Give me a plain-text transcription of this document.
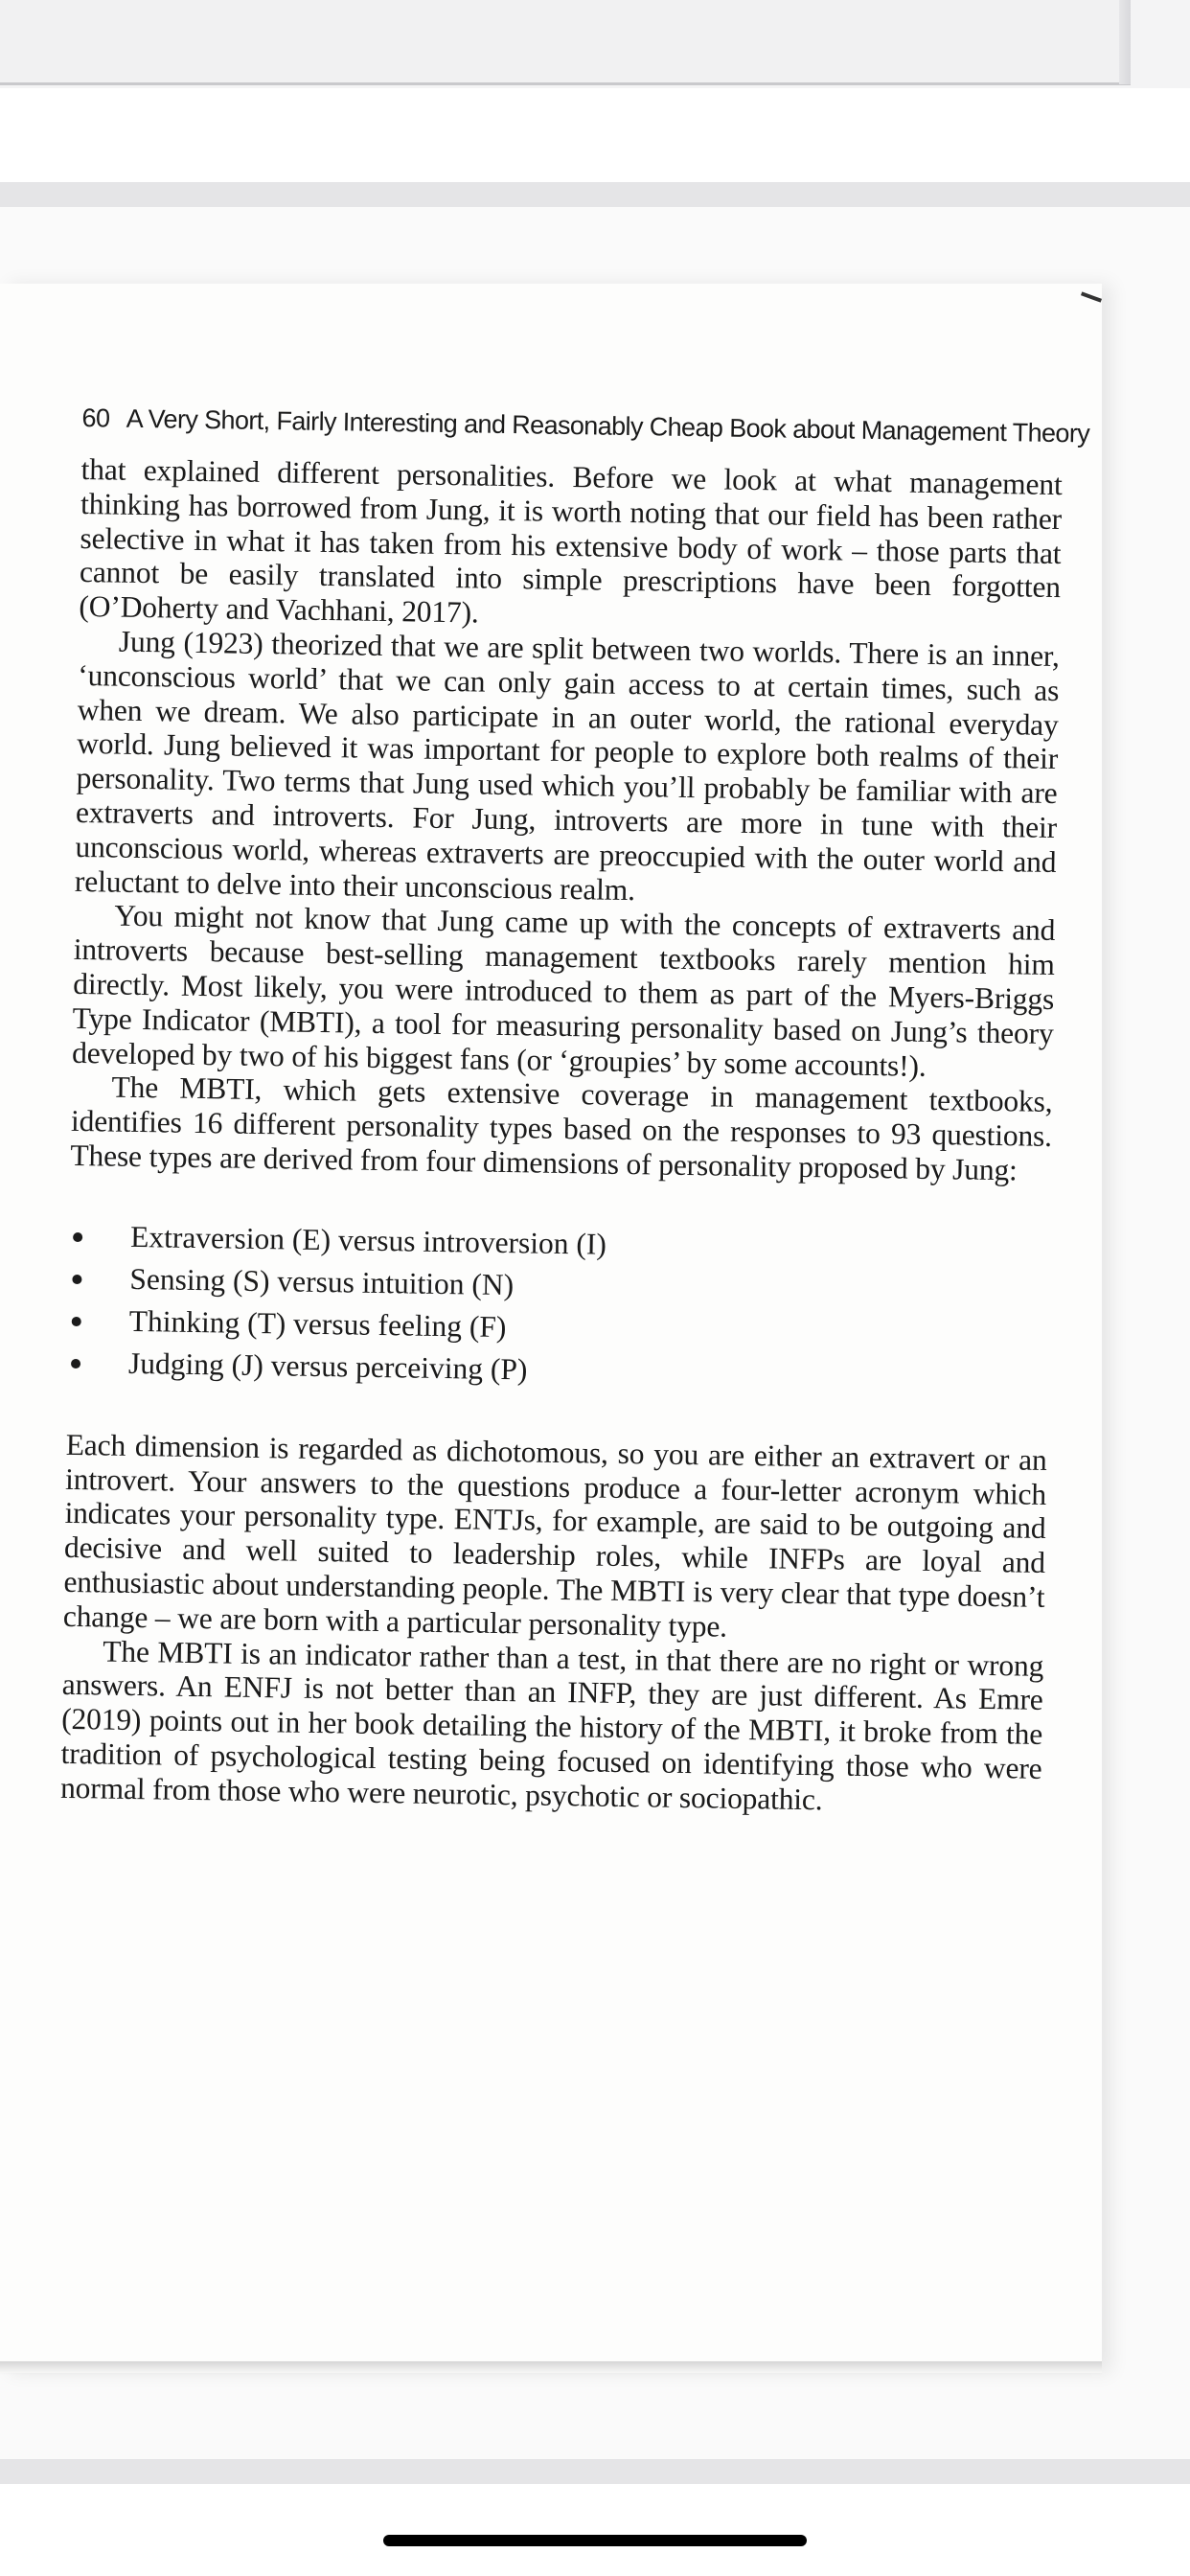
60 A Very Short, Fairly Interesting and Reasonably Cheap Book about Management Theory

that explained different personalities. Before we look at what management thinking has borrowed from Jung, it is worth noting that our field has been rather selective in what it has taken from his extensive body of work – those parts that cannot be easily translated into simple prescriptions have been forgotten (O’Doherty and Vachhani, 2017).

Jung (1923) theorized that we are split between two worlds. There is an inner, ‘unconscious world’ that we can only gain access to at certain times, such as when we dream. We also participate in an outer world, the rational everyday world. Jung believed it was important for people to explore both realms of their personality. Two terms that Jung used which you’ll probably be familiar with are extraverts and introverts. For Jung, introverts are more in tune with their unconscious world, whereas extraverts are preoccupied with the outer world and reluctant to delve into their unconscious realm.

You might not know that Jung came up with the concepts of extraverts and introverts because best-selling management textbooks rarely mention him directly. Most likely, you were introduced to them as part of the Myers-Briggs Type Indicator (MBTI), a tool for measuring personality based on Jung’s theory developed by two of his biggest fans (or ‘groupies’ by some accounts!).

The MBTI, which gets extensive coverage in management textbooks, identifies 16 different personality types based on the responses to 93 questions. These types are derived from four dimensions of personality proposed by Jung:

Extraversion (E) versus introversion (I)
Sensing (S) versus intuition (N)
Thinking (T) versus feeling (F)
Judging (J) versus perceiving (P)

Each dimension is regarded as dichotomous, so you are either an extravert or an introvert. Your answers to the questions produce a four-letter acronym which indicates your personality type. ENTJs, for example, are said to be outgoing and decisive and well suited to leadership roles, while INFPs are loyal and enthusiastic about understanding people. The MBTI is very clear that type doesn’t change – we are born with a particular personality type.

The MBTI is an indicator rather than a test, in that there are no right or wrong answers. An ENFJ is not better than an INFP, they are just different. As Emre (2019) points out in her book detailing the history of the MBTI, it broke from the tradition of psychological testing being focused on identifying those who were normal from those who were neurotic, psychotic or sociopathic.
